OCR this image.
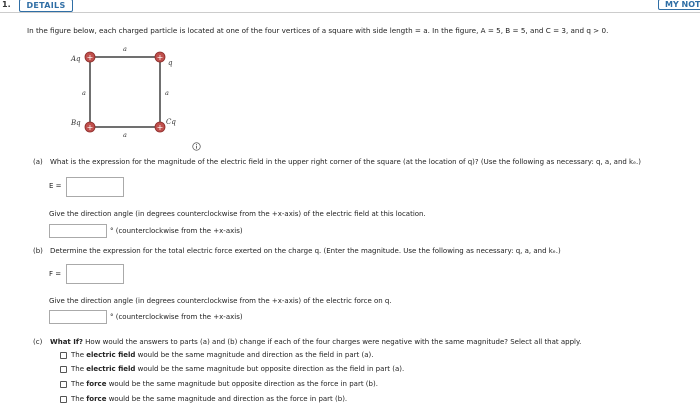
1.	DETAILS	MY NOT
In the figure below, each charged particle is located at one of the four vertices of a square with side length = a. In the figure, A = 5, B = 5, and C = 3, and q > 0.
+	+
+	+
Aq	q
Bq	Cq
a
a
a	a
(a) What is the expression for the magnitude of the electric field in the upper right corner of the square (at the location of q)? (Use the following as necessary: q, a, and kₑ.)
E =
Give the direction angle (in degrees counterclockwise from the +x-axis) of the electric field at this location.
° (counterclockwise from the +x-axis)
(b) Determine the expression for the total electric force exerted on the charge q. (Enter the magnitude. Use the following as necessary: q, a, and kₑ.)
F =
Give the direction angle (in degrees counterclockwise from the +x-axis) of the electric force on q.
° (counterclockwise from the +x-axis)
(c) What If? How would the answers to parts (a) and (b) change if each of the four charges were negative with the same magnitude? Select all that apply.
The electric field would be the same magnitude and direction as the field in part (a).
The electric field would be the same magnitude but opposite direction as the field in part (a).
The force would be the same magnitude but opposite direction as the force in part (b).
The force would be the same magnitude and direction as the force in part (b).
